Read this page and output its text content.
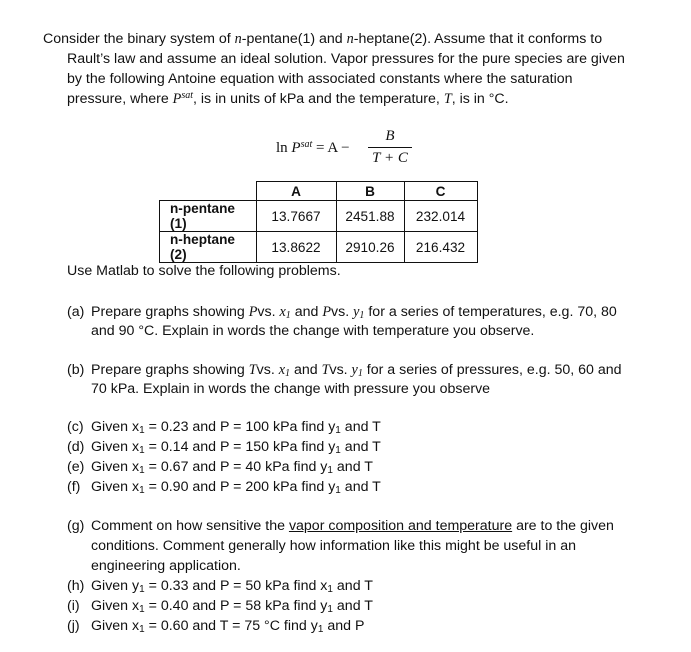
Consider the binary system of n-pentane(1) and n-heptane(2). Assume that it conforms to
Rault’s law and assume an ideal solution. Vapor pressures for the pure species are given
by the following Antoine equation with associated constants where the saturation
pressure, where $P^{sat}$, is in units of kPa and the temperature, T, is in °C.
$\ln P^{sat} = A$ −
B
T + C
	A	B	C
n-pentane (1)	13.7667	2451.88	232.014
n-heptane (2)	13.8622	2910.26	216.432
Use Matlab to solve the following problems.
(a) Prepare graphs showing Pvs. $x_1$ and Pvs. $y_1$ for a series of temperatures, e.g. 70, 80
and 90 °C. Explain in words the change with temperature you observe.
(b) Prepare graphs showing Tvs. $x_1$ and Tvs. $y_1$ for a series of pressures, e.g. 50, 60 and
70 kPa. Explain in words the change with pressure you observe
(c) Given $x_1 = 0.23$ and P = 100 kPa find $y_1$ and T
(d) Given $x_1 = 0.14$ and P = 150 kPa find $y_1$ and T
(e) Given $x_1 = 0.67$ and P = 40 kPa find $y_1$ and T
(f) Given $x_1 = 0.90$ and P = 200 kPa find $y_1$ and T
(g) Comment on how sensitive the vapor composition and temperature are to the given
conditions. Comment generally how information like this might be useful in an
engineering application.
(h) Given $y_1 = 0.33$ and P = 50 kPa find $x_1$ and T
(i) Given $x_1 = 0.40$ and P = 58 kPa find $y_1$ and T
(j) Given $x_1 = 0.60$ and T = 75 °C find $y_1$ and P
